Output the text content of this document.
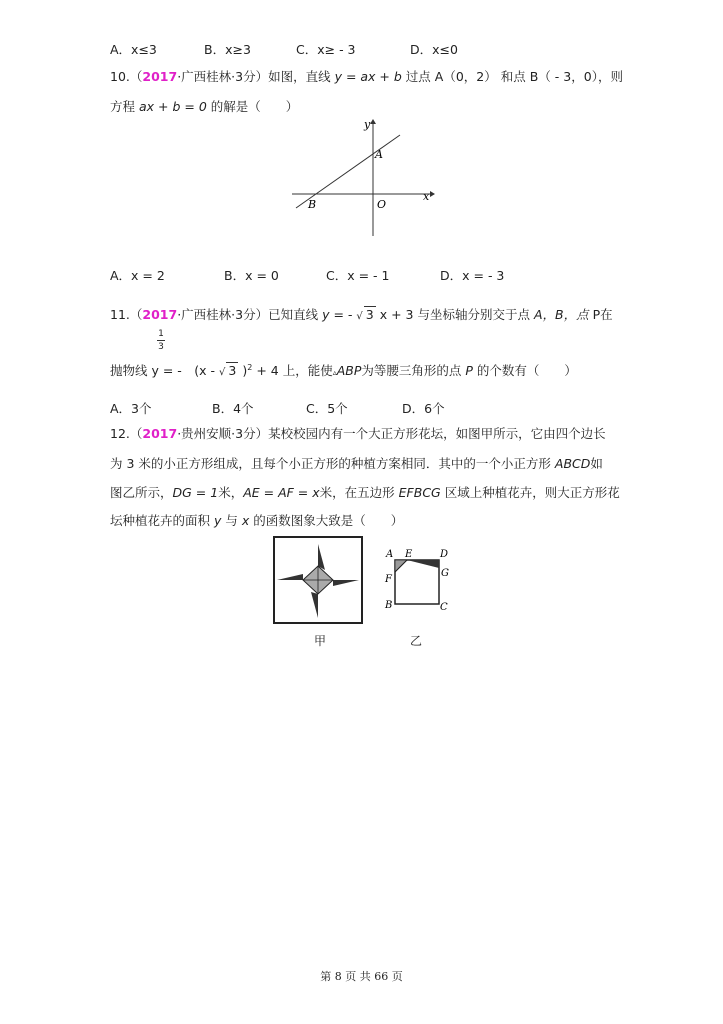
A．x≤3	B．x≥3	C．x≥ - 3	D．x≤0
10.（2017·广西桂林·3分）如图，直线 y = ax + b 过点 A（0，2） 和点 B（ - 3，0），则
方程 ax + b = 0 的解是（　　）
y
x
A
B	O
A．x = 2	B．x = 0	C．x = - 1	D．x = - 3
11.（2017·广西桂林·3分）已知直线 y = - √ 3 x + 3 与坐标轴分别交于点 A，B，点 P在
1
3
抛物线 y = -　(x - √ 3 )$^2$ + 4 上，能使▵ABP为等腰三角形的点 P 的个数有（　　）
A．3个	B．4个	C．5个	D．6个
12.（2017·贵州安顺·3分）某校校园内有一个大正方形花坛，如图甲所示，它由四个边长
为 3 米的小正方形组成，且每个小正方形的种植方案相同．其中的一个小正方形 ABCD如
图乙所示，DG = 1米，AE = AF = x米，在五边形 EFBCG 区域上种植花卉，则大正方形花
坛种植花卉的面积 y 与 x 的函数图象大致是（　　）
甲
A E	D
F
G
B	C
乙
第 8 页 共 66 页
